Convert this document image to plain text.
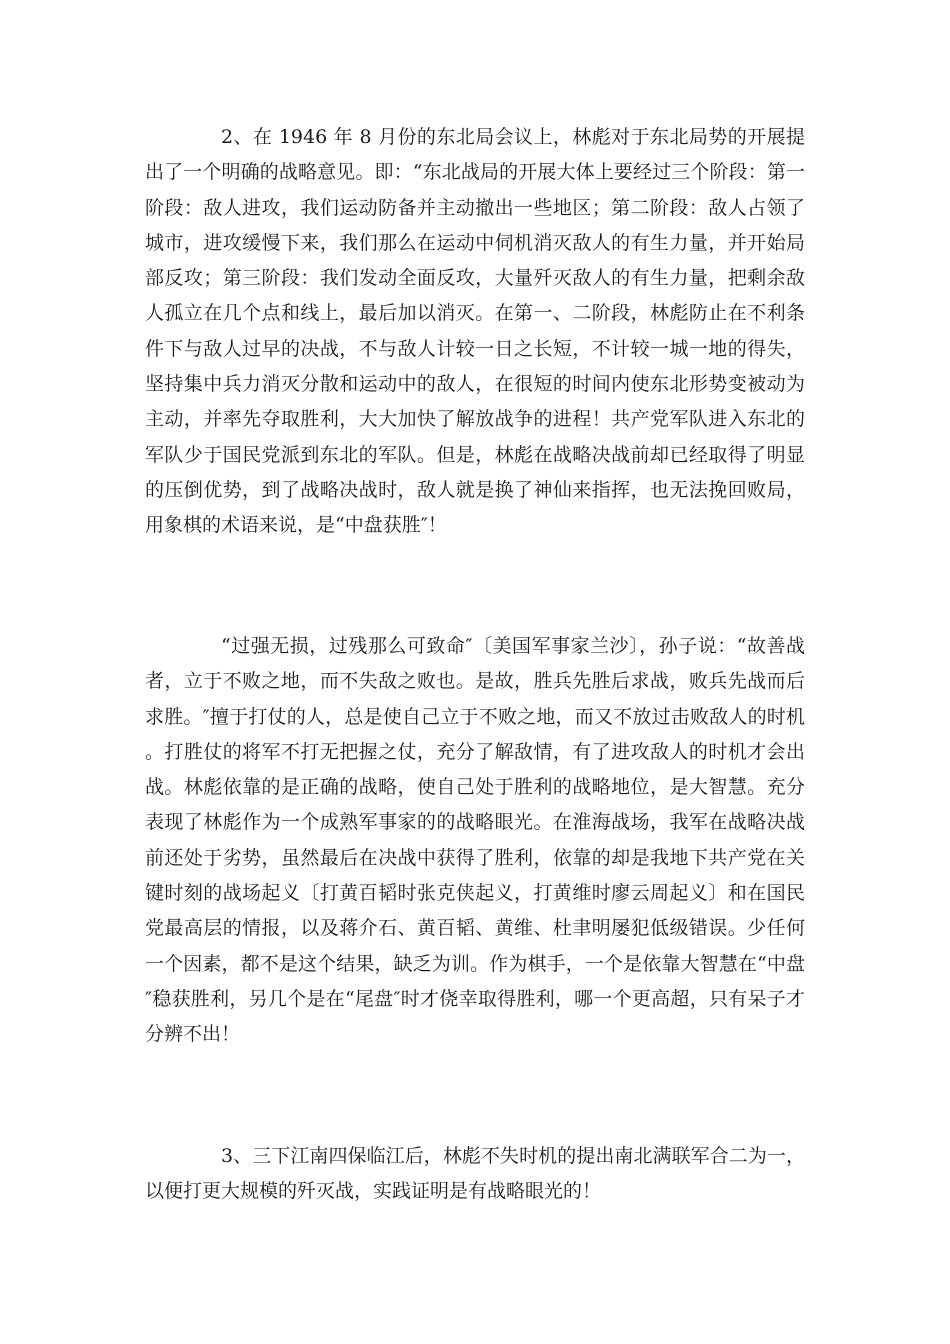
2、在 1946 年 8 月份的东北局会议上，林彪对于东北局势的开展提出了一个明确的战略意见。即：“东北战局的开展大体上要经过三个阶段：第一阶段：敌人进攻，我们运动防备并主动撤出一些地区；第二阶段：敌人占领了城市，进攻缓慢下来，我们那么在运动中伺机消灭敌人的有生力量，并开始局部反攻；第三阶段：我们发动全面反攻，大量歼灭敌人的有生力量，把剩余敌人孤立在几个点和线上，最后加以消灭。在第一、二阶段，林彪防止在不利条件下与敌人过早的决战，不与敌人计较一日之长短，不计较一城一地的得失，坚持集中兵力消灭分散和运动中的敌人，在很短的时间内使东北形势变被动为主动，并率先夺取胜利，大大加快了解放战争的进程！共产党军队进入东北的军队少于国民党派到东北的军队。但是，林彪在战略决战前却已经取得了明显的压倒优势，到了战略决战时，敌人就是换了神仙来指挥，也无法挽回败局，用象棋的术语来说，是“中盘获胜″！

“过强无损，过残那么可致命″〔美国军事家兰沙〕，孙子说：“故善战者，立于不败之地，而不失敌之败也。是故，胜兵先胜后求战，败兵先战而后求胜。″擅于打仗的人，总是使自己立于不败之地，而又不放过击败敌人的时机。打胜仗的将军不打无把握之仗，充分了解敌情，有了进攻敌人的时机才会出战。林彪依靠的是正确的战略，使自己处于胜利的战略地位，是大智慧。充分表现了林彪作为一个成熟军事家的的战略眼光。在淮海战场，我军在战略决战前还处于劣势，虽然最后在决战中获得了胜利，依靠的却是我地下共产党在关键时刻的战场起义〔打黄百韬时张克侠起义，打黄维时廖云周起义〕和在国民党最高层的情报，以及蒋介石、黄百韬、黄维、杜聿明屡犯低级错误。少任何一个因素，都不是这个结果，缺乏为训。作为棋手，一个是依靠大智慧在“中盘″稳获胜利，另几个是在“尾盘″时才侥幸取得胜利，哪一个更高超，只有呆子才分辨不出！

3、三下江南四保临江后，林彪不失时机的提出南北满联军合二为一，以便打更大规模的歼灭战，实践证明是有战略眼光的！
